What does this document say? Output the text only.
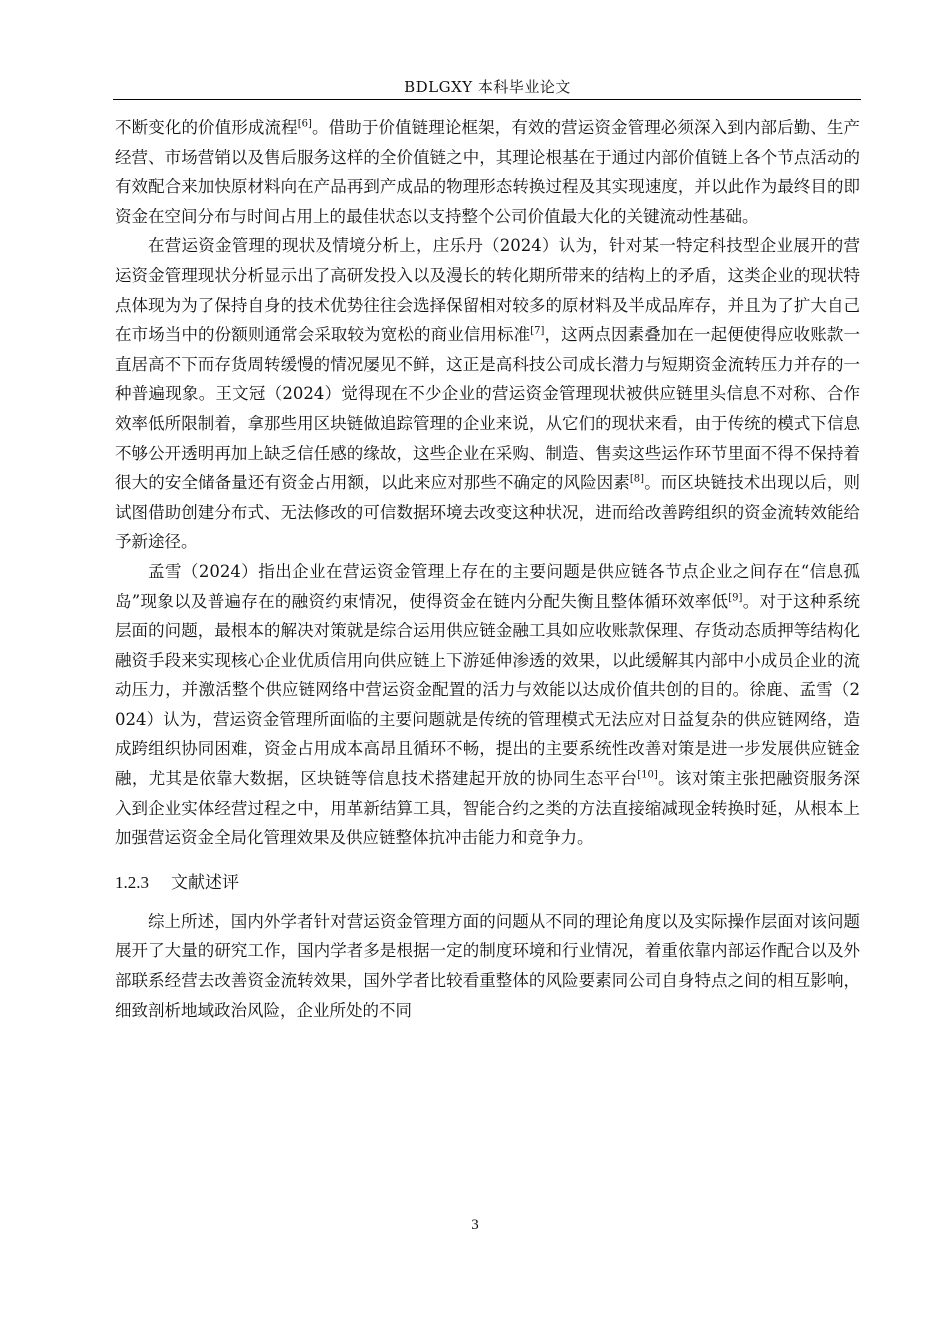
BDLGXY 本科毕业论文

不断变化的价值形成流程[6]。借助于价值链理论框架，有效的营运资金管理必须深入到内部后勤、生产经营、市场营销以及售后服务这样的全价值链之中，其理论根基在于通过内部价值链上各个节点活动的有效配合来加快原材料向在产品再到产成品的物理形态转换过程及其实现速度，并以此作为最终目的即资金在空间分布与时间占用上的最佳状态以支持整个公司价值最大化的关键流动性基础。

在营运资金管理的现状及情境分析上，庄乐丹（2024）认为，针对某一特定科技型企业展开的营运资金管理现状分析显示出了高研发投入以及漫长的转化期所带来的结构上的矛盾，这类企业的现状特点体现为为了保持自身的技术优势往往会选择保留相对较多的原材料及半成品库存，并且为了扩大自己在市场当中的份额则通常会采取较为宽松的商业信用标准[7]，这两点因素叠加在一起便使得应收账款一直居高不下而存货周转缓慢的情况屡见不鲜，这正是高科技公司成长潜力与短期资金流转压力并存的一种普遍现象。王文冠（2024）觉得现在不少企业的营运资金管理现状被供应链里头信息不对称、合作效率低所限制着，拿那些用区块链做追踪管理的企业来说，从它们的现状来看，由于传统的模式下信息不够公开透明再加上缺乏信任感的缘故，这些企业在采购、制造、售卖这些运作环节里面不得不保持着很大的安全储备量还有资金占用额，以此来应对那些不确定的风险因素[8]。而区块链技术出现以后，则试图借助创建分布式、无法修改的可信数据环境去改变这种状况，进而给改善跨组织的资金流转效能给予新途径。

孟雪（2024）指出企业在营运资金管理上存在的主要问题是供应链各节点企业之间存在“信息孤岛”现象以及普遍存在的融资约束情况，使得资金在链内分配失衡且整体循环效率低[9]。对于这种系统层面的问题，最根本的解决对策就是综合运用供应链金融工具如应收账款保理、存货动态质押等结构化融资手段来实现核心企业优质信用向供应链上下游延伸渗透的效果，以此缓解其内部中小成员企业的流动压力，并激活整个供应链网络中营运资金配置的活力与效能以达成价值共创的目的。徐鹿、孟雪（2024）认为，营运资金管理所面临的主要问题就是传统的管理模式无法应对日益复杂的供应链网络，造成跨组织协同困难，资金占用成本高昂且循环不畅，提出的主要系统性改善对策是进一步发展供应链金融，尤其是依靠大数据，区块链等信息技术搭建起开放的协同生态平台[10]。该对策主张把融资服务深入到企业实体经营过程之中，用革新结算工具，智能合约之类的方法直接缩减现金转换时延，从根本上加强营运资金全局化管理效果及供应链整体抗冲击能力和竞争力。

1.2.3 文献述评

综上所述，国内外学者针对营运资金管理方面的问题从不同的理论角度以及实际操作层面对该问题展开了大量的研究工作，国内学者多是根据一定的制度环境和行业情况，着重依靠内部运作配合以及外部联系经营去改善资金流转效果，国外学者比较看重整体的风险要素同公司自身特点之间的相互影响，细致剖析地域政治风险，企业所处的不同

3
